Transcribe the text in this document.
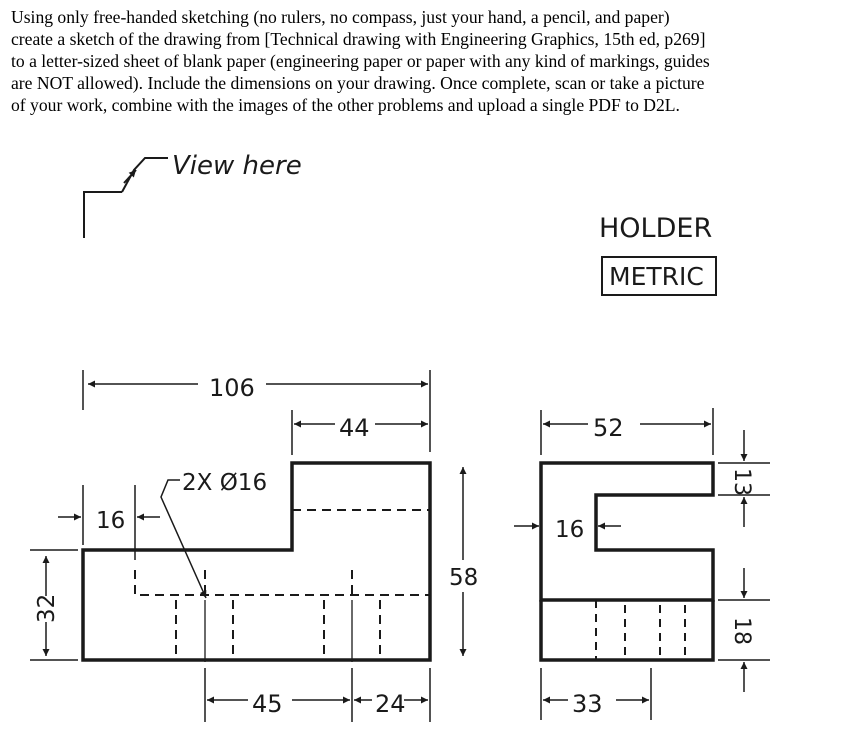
Using only free-handed sketching (no rulers, no compass, just your hand, a pencil, and paper)
create a sketch of the drawing from [Technical drawing with Engineering Graphics, 15th ed, p269]
to a letter-sized sheet of blank paper (engineering paper or paper with any kind of markings, guides
are NOT allowed). Include the dimensions on your drawing. Once complete, scan or take a picture
of your work, combine with the images of the other problems and upload a single PDF to D2L.
View here
HOLDER
METRIC
106
44
2X Ø16
16
32
58
45	24
52
16
13
18
33
